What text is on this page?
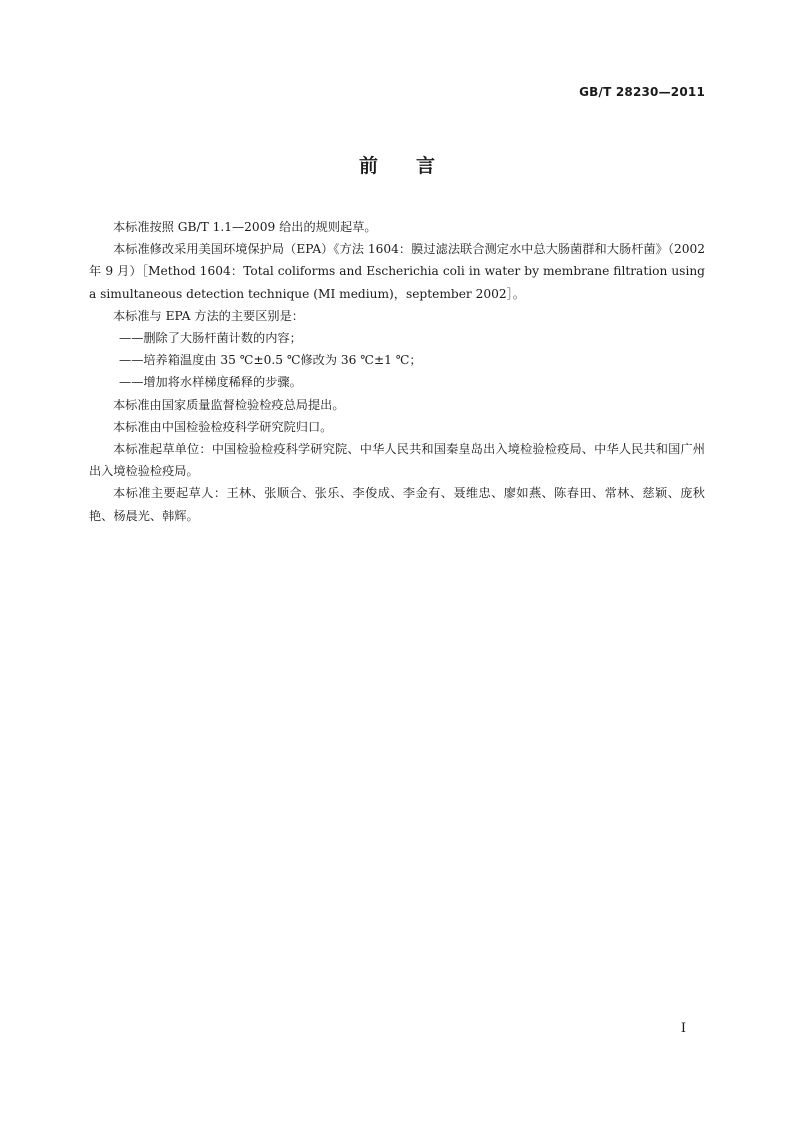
GB/T 28230—2011
前　　言

本标准按照 GB/T 1.1—2009 给出的规则起草。

本标准修改采用美国环境保护局（EPA）《方法 1604：膜过滤法联合测定水中总大肠菌群和大肠杆菌》（2002 年 9 月）［Method 1604：Total coliforms and Escherichia coli in water by membrane filtration using a simultaneous detection technique (MI medium)，september 2002］。

本标准与 EPA 方法的主要区别是：

——删除了大肠杆菌计数的内容；

——培养箱温度由 35 ℃±0.5 ℃修改为 36 ℃±1 ℃；

——增加将水样梯度稀释的步骤。

本标准由国家质量监督检验检疫总局提出。

本标准由中国检验检疫科学研究院归口。

本标准起草单位：中国检验检疫科学研究院、中华人民共和国秦皇岛出入境检验检疫局、中华人民共和国广州出入境检验检疫局。

本标准主要起草人：王林、张顺合、张乐、李俊成、李金有、聂维忠、廖如燕、陈春田、常林、慈颖、庞秋艳、杨晨光、韩辉。

I
